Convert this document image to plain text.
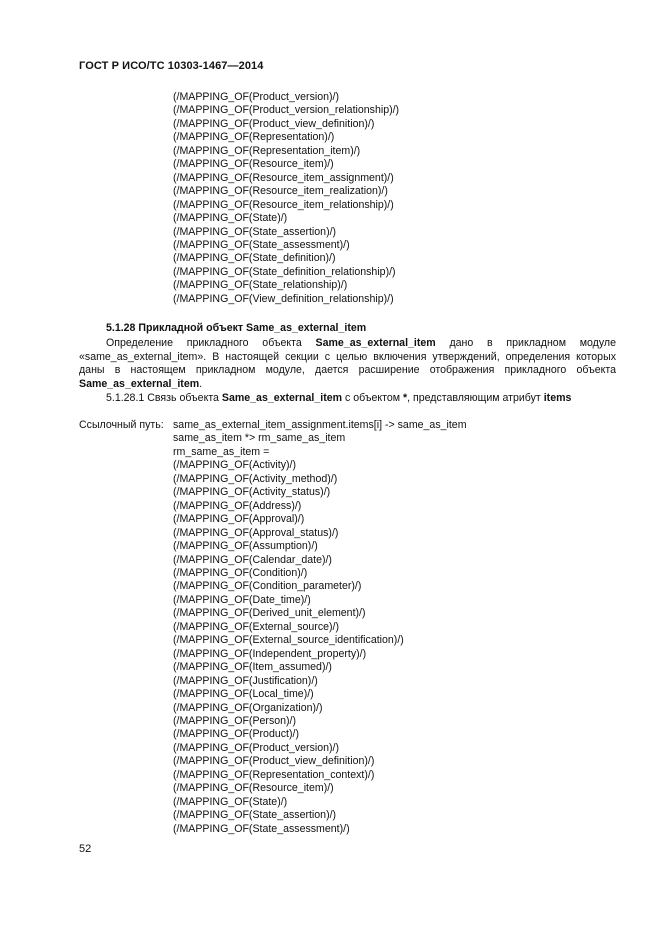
ГОСТ Р ИСО/ТС 10303-1467—2014
(/MAPPING_OF(Product_version)/)
(/MAPPING_OF(Product_version_relationship)/)
(/MAPPING_OF(Product_view_definition)/)
(/MAPPING_OF(Representation)/)
(/MAPPING_OF(Representation_item)/)
(/MAPPING_OF(Resource_item)/)
(/MAPPING_OF(Resource_item_assignment)/)
(/MAPPING_OF(Resource_item_realization)/)
(/MAPPING_OF(Resource_item_relationship)/)
(/MAPPING_OF(State)/)
(/MAPPING_OF(State_assertion)/)
(/MAPPING_OF(State_assessment)/)
(/MAPPING_OF(State_definition)/)
(/MAPPING_OF(State_definition_relationship)/)
(/MAPPING_OF(State_relationship)/)
(/MAPPING_OF(View_definition_relationship)/)
5.1.28 Прикладной объект Same_as_external_item

Определение прикладного объекта Same_as_external_item дано в прикладном модуле «same_as_external_item». В настоящей секции с целью включения утверждений, определения которых даны в настоящем прикладном модуле, дается расширение отображения прикладного объекта Same_as_external_item.

5.1.28.1 Связь объекта Same_as_external_item с объектом *, представляющим атрибут items
Ссылочный путь: same_as_external_item_assignment.items[i] -> same_as_item
same_as_item *> rm_same_as_item
rm_same_as_item =
(/MAPPING_OF(Activity)/)
(/MAPPING_OF(Activity_method)/)
(/MAPPING_OF(Activity_status)/)
(/MAPPING_OF(Address)/)
(/MAPPING_OF(Approval)/)
(/MAPPING_OF(Approval_status)/)
(/MAPPING_OF(Assumption)/)
(/MAPPING_OF(Calendar_date)/)
(/MAPPING_OF(Condition)/)
(/MAPPING_OF(Condition_parameter)/)
(/MAPPING_OF(Date_time)/)
(/MAPPING_OF(Derived_unit_element)/)
(/MAPPING_OF(External_source)/)
(/MAPPING_OF(External_source_identification)/)
(/MAPPING_OF(Independent_property)/)
(/MAPPING_OF(Item_assumed)/)
(/MAPPING_OF(Justification)/)
(/MAPPING_OF(Local_time)/)
(/MAPPING_OF(Organization)/)
(/MAPPING_OF(Person)/)
(/MAPPING_OF(Product)/)
(/MAPPING_OF(Product_version)/)
(/MAPPING_OF(Product_view_definition)/)
(/MAPPING_OF(Representation_context)/)
(/MAPPING_OF(Resource_item)/)
(/MAPPING_OF(State)/)
(/MAPPING_OF(State_assertion)/)
(/MAPPING_OF(State_assessment)/)
52
